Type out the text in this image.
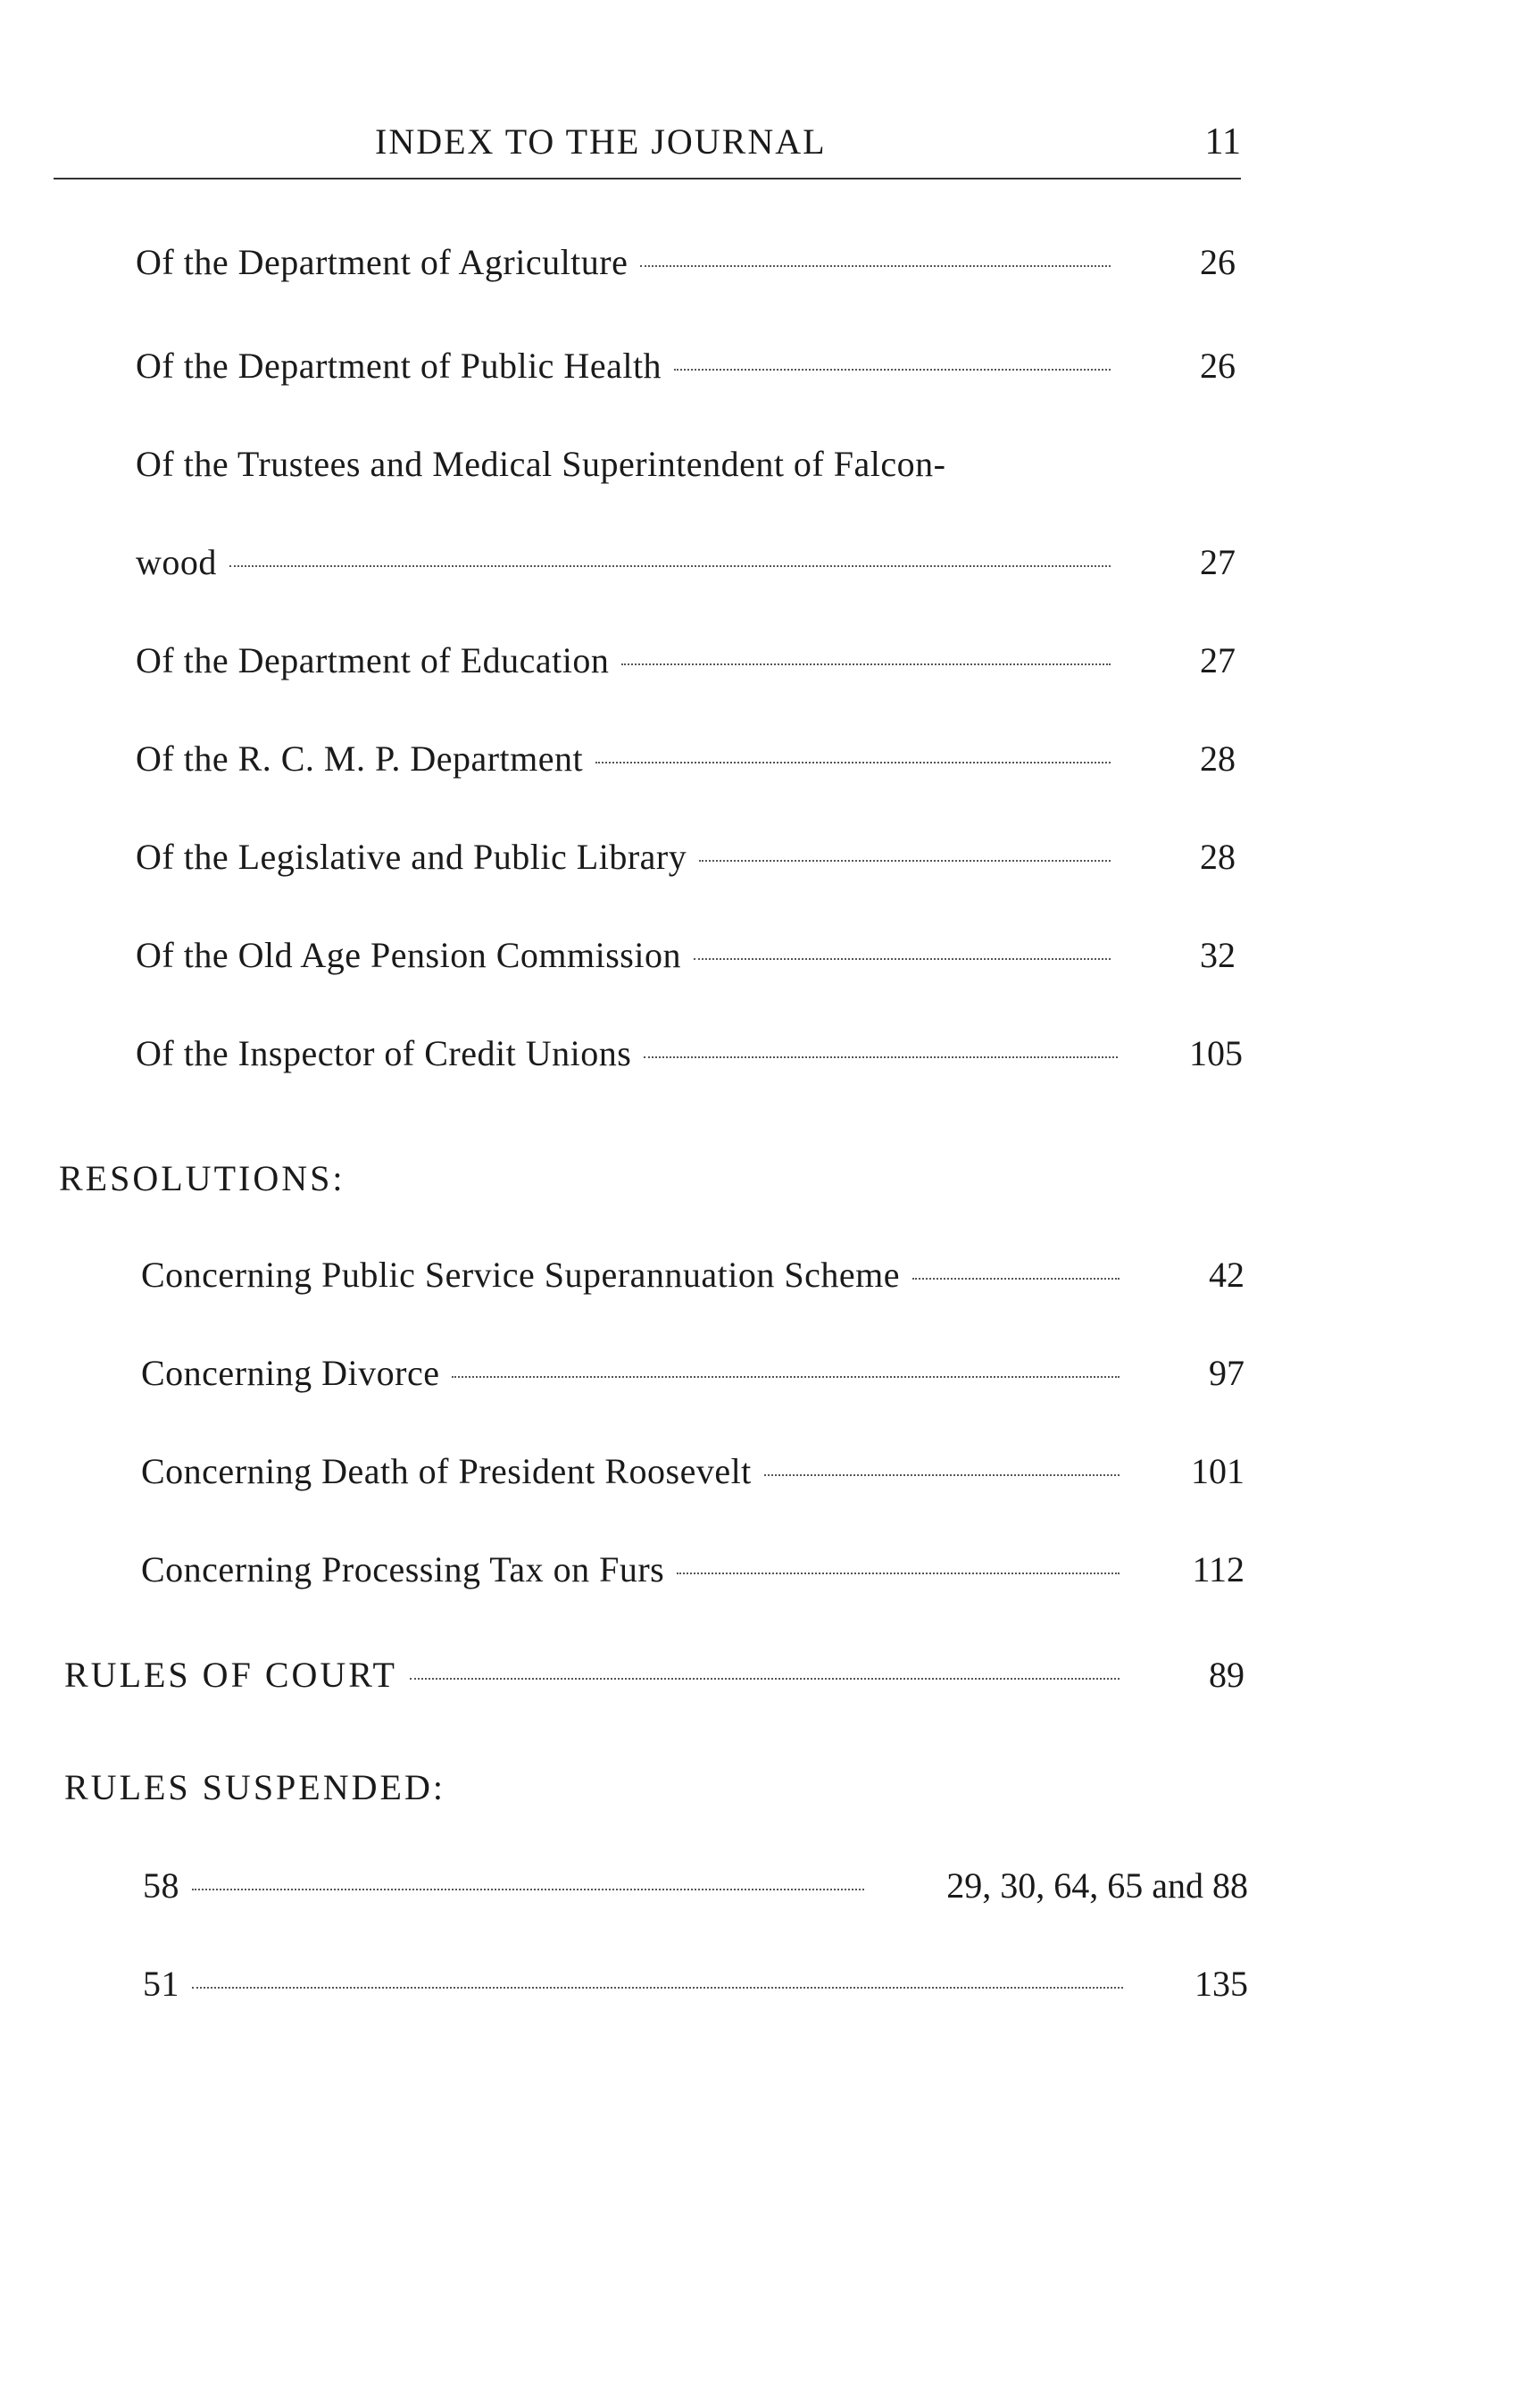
INDEX TO THE JOURNAL	11
Of the Department of Agriculture	26
Of the Department of Public Health	26
Of the Trustees and Medical Superintendent of Falcon-
wood	27
Of the Department of Education	27
Of the R. C. M. P. Department	28
Of the Legislative and Public Library	28
Of the Old Age Pension Commission	32
Of the Inspector of Credit Unions	105
RESOLUTIONS:
Concerning Public Service Superannuation Scheme	42
Concerning Divorce	97
Concerning Death of President Roosevelt	101
Concerning Processing Tax on Furs	112
RULES OF COURT	89
RULES SUSPENDED:
58	29, 30, 64, 65 and 88
51	135
